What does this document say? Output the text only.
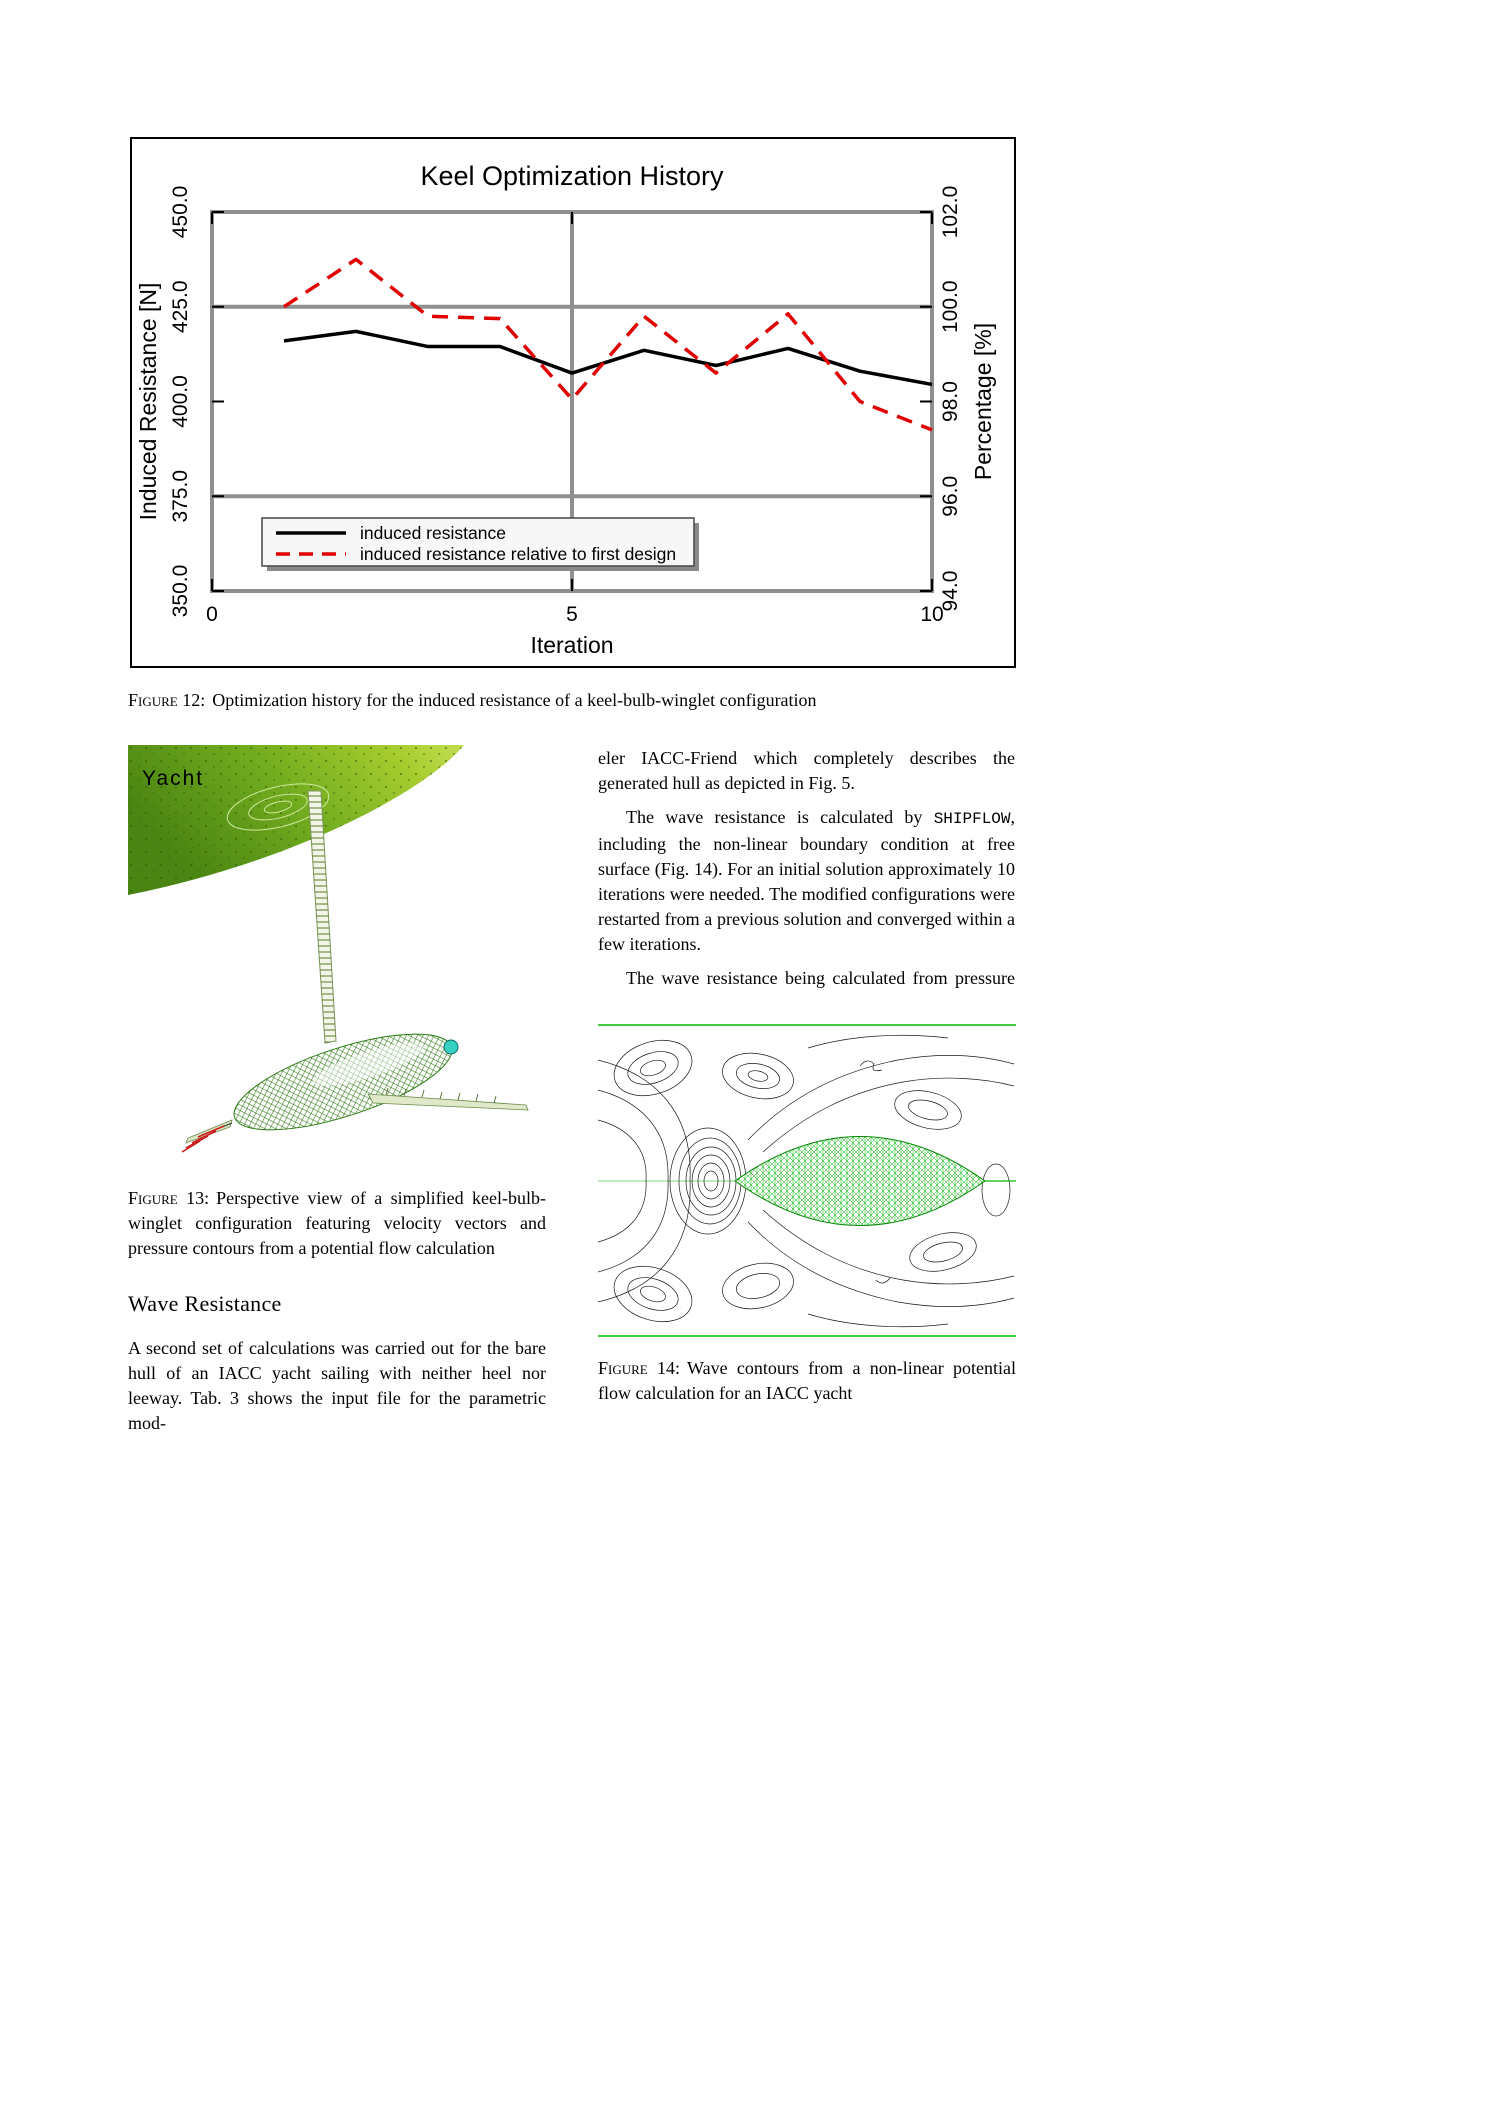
0	5	10
350.0
375.0
400.0
425.0
450.0
94.0
96.0
98.0
100.0
102.0
Induced Resistance [N]	Percentage [%]
Iteration
Keel Optimization History
induced resistance
induced resistance relative to first design

Figure 12: Optimization history for the induced resistance of a keel-bulb-winglet configuration

Yacht

eler IACC-Friend which completely describes the generated hull as depicted in Fig. 5.

The wave resistance is calculated by SHIPFLOW, including the non-linear boundary condition at free surface (Fig. 14). For an initial solution approximately 10 iterations were needed. The modified configurations were restarted from a previous solution and converged within a few iterations.

The wave resistance being calculated from pressure

Figure 13: Perspective view of a simplified keel-bulb-winglet configuration featuring velocity vectors and pressure contours from a potential flow calculation

Wave Resistance

A second set of calculations was carried out for the bare hull of an IACC yacht sailing with neither heel nor leeway. Tab. 3 shows the input file for the parametric mod-

Figure 14: Wave contours from a non-linear potential flow calculation for an IACC yacht
